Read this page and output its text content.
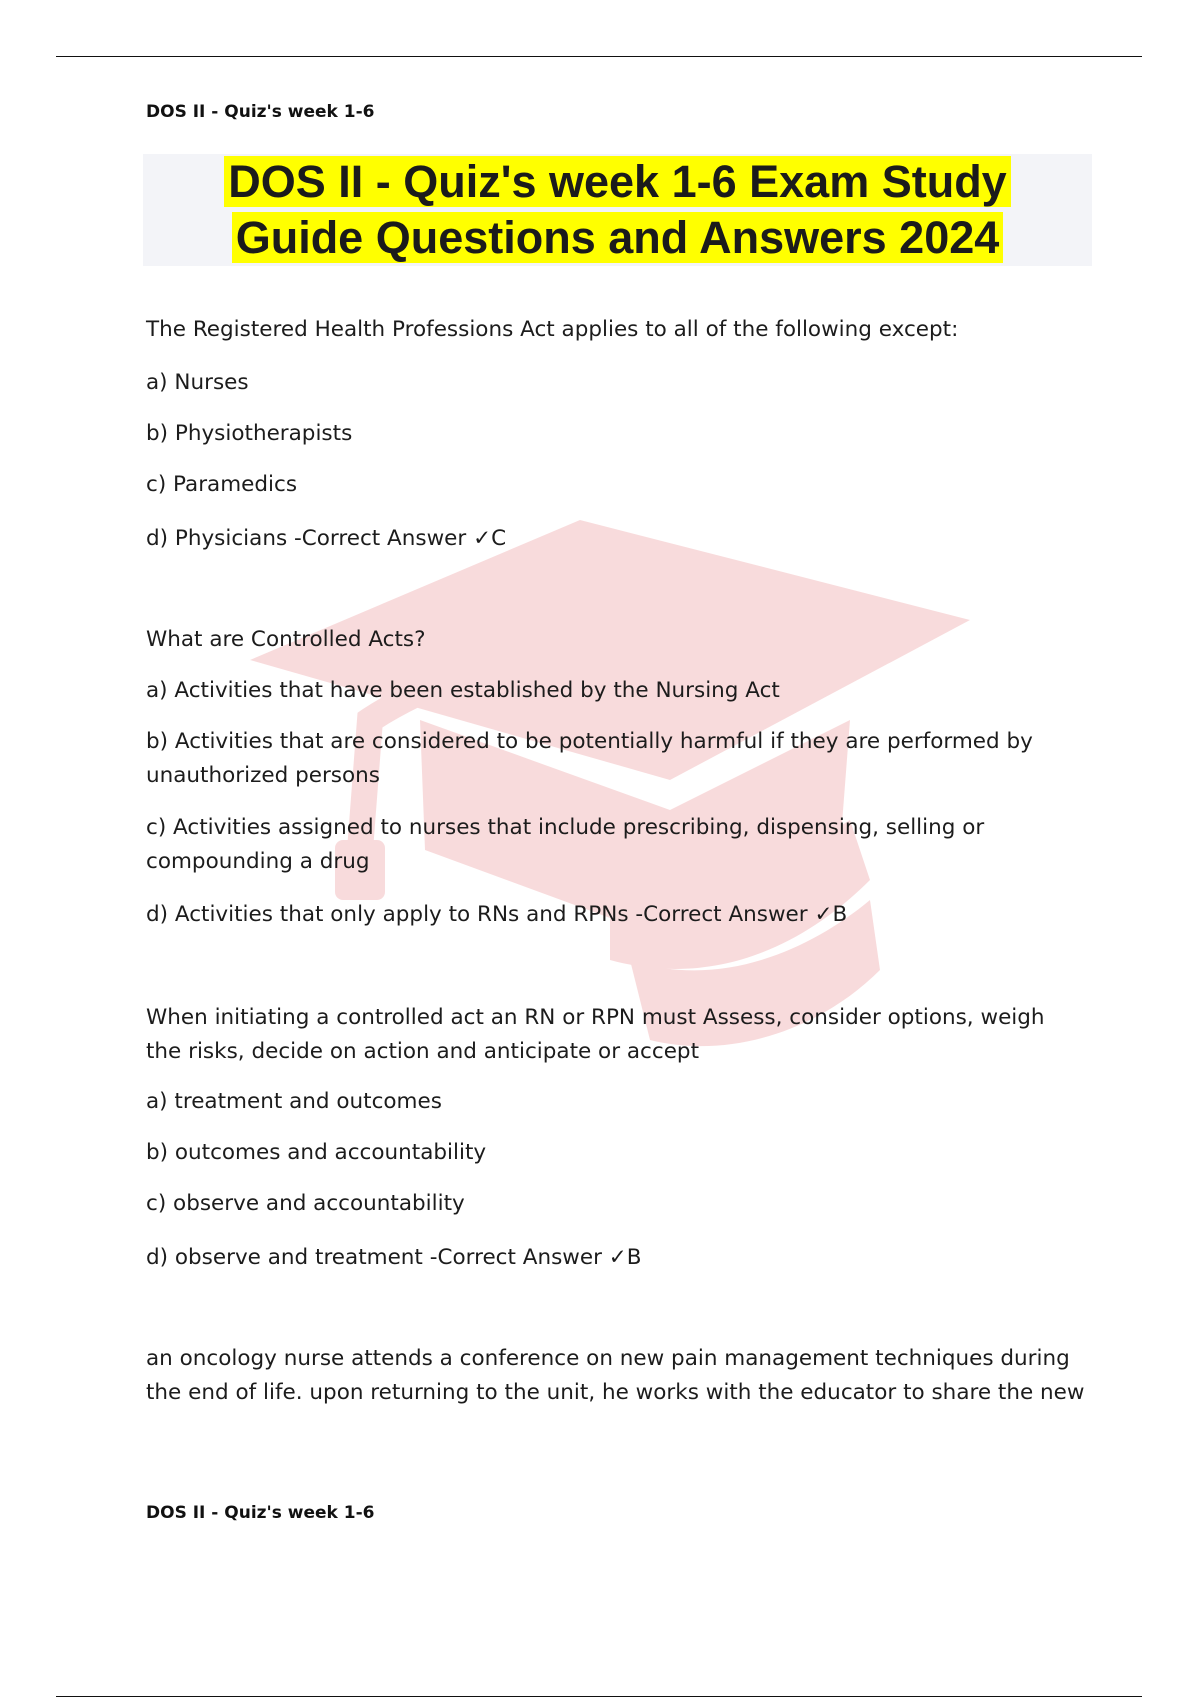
DOS II - Quiz's week 1-6
DOS II - Quiz's week 1-6 Exam Study
Guide Questions and Answers 2024

The Registered Health Professions Act applies to all of the following except:

a) Nurses

b) Physiotherapists

c) Paramedics

d) Physicians -Correct Answer ✓C

What are Controlled Acts?

a) Activities that have been established by the Nursing Act

b) Activities that are considered to be potentially harmful if they are performed by unauthorized persons

c) Activities assigned to nurses that include prescribing, dispensing, selling or compounding a drug

d) Activities that only apply to RNs and RPNs -Correct Answer ✓B

When initiating a controlled act an RN or RPN must Assess, consider options, weigh the risks, decide on action and anticipate or accept

a) treatment and outcomes

b) outcomes and accountability

c) observe and accountability

d) observe and treatment -Correct Answer ✓B

an oncology nurse attends a conference on new pain management techniques during the end of life. upon returning to the unit, he works with the educator to share the new

DOS II - Quiz's week 1-6
